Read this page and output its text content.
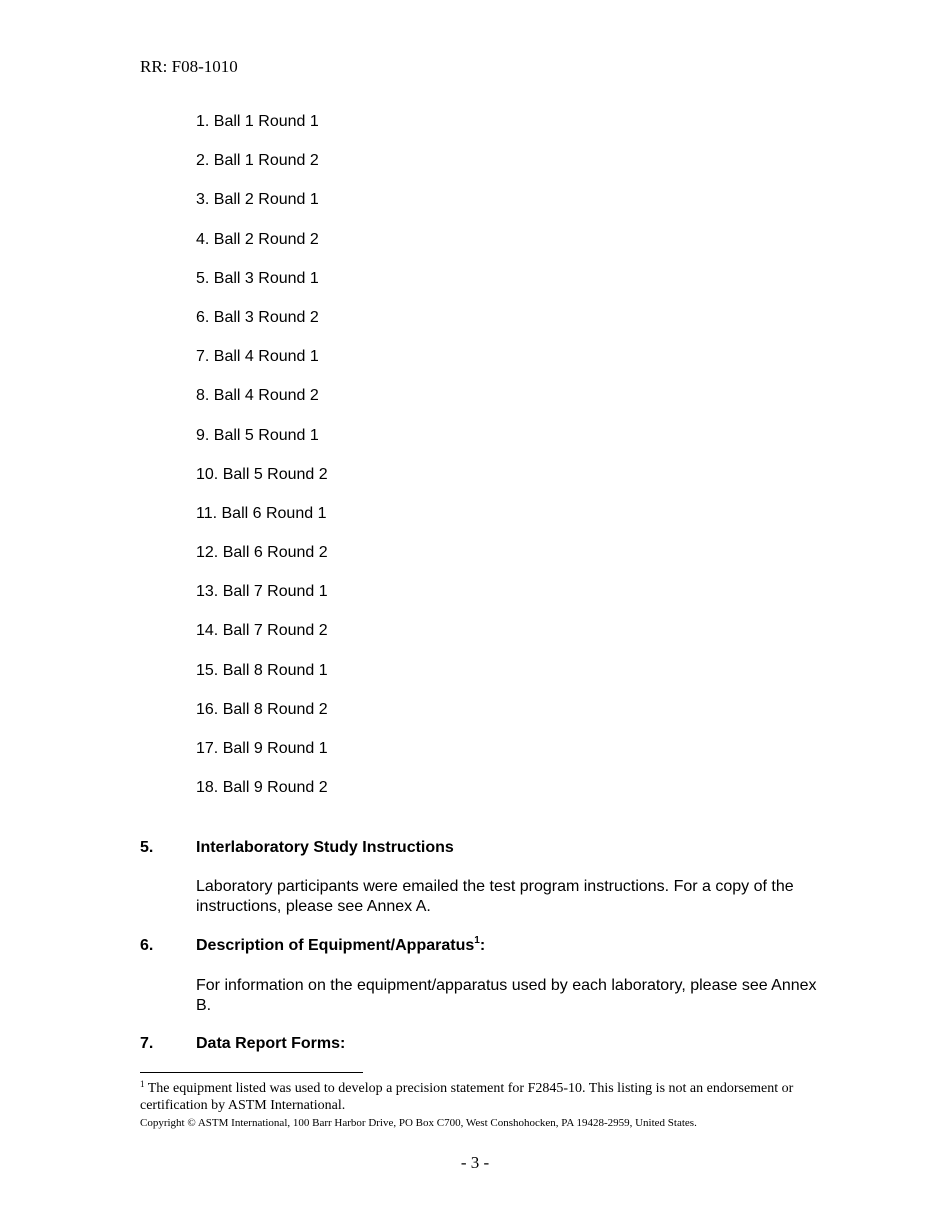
RR: F08-1010
1. Ball 1 Round 1
2. Ball 1 Round 2
3. Ball 2 Round 1
4. Ball 2 Round 2
5. Ball 3 Round 1
6. Ball 3 Round 2
7. Ball 4 Round 1
8. Ball 4 Round 2
9. Ball 5 Round 1
10. Ball 5 Round 2
11. Ball 6 Round 1
12. Ball 6 Round 2
13. Ball 7 Round 1
14. Ball 7 Round 2
15. Ball 8 Round 1
16. Ball 8 Round 2
17. Ball 9 Round 1
18. Ball 9 Round 2
5.	Interlaboratory Study Instructions
Laboratory participants were emailed the test program instructions. For a copy of the instructions, please see Annex A.
6.	Description of Equipment/Apparatus$^1$:
For information on the equipment/apparatus used by each laboratory, please see Annex B.
7.	Data Report Forms:
$^1$ The equipment listed was used to develop a precision statement for F2845-10. This listing is not an endorsement or certification by ASTM International.
Copyright © ASTM International, 100 Barr Harbor Drive, PO Box C700, West Conshohocken, PA 19428-2959, United States.
- 3 -
